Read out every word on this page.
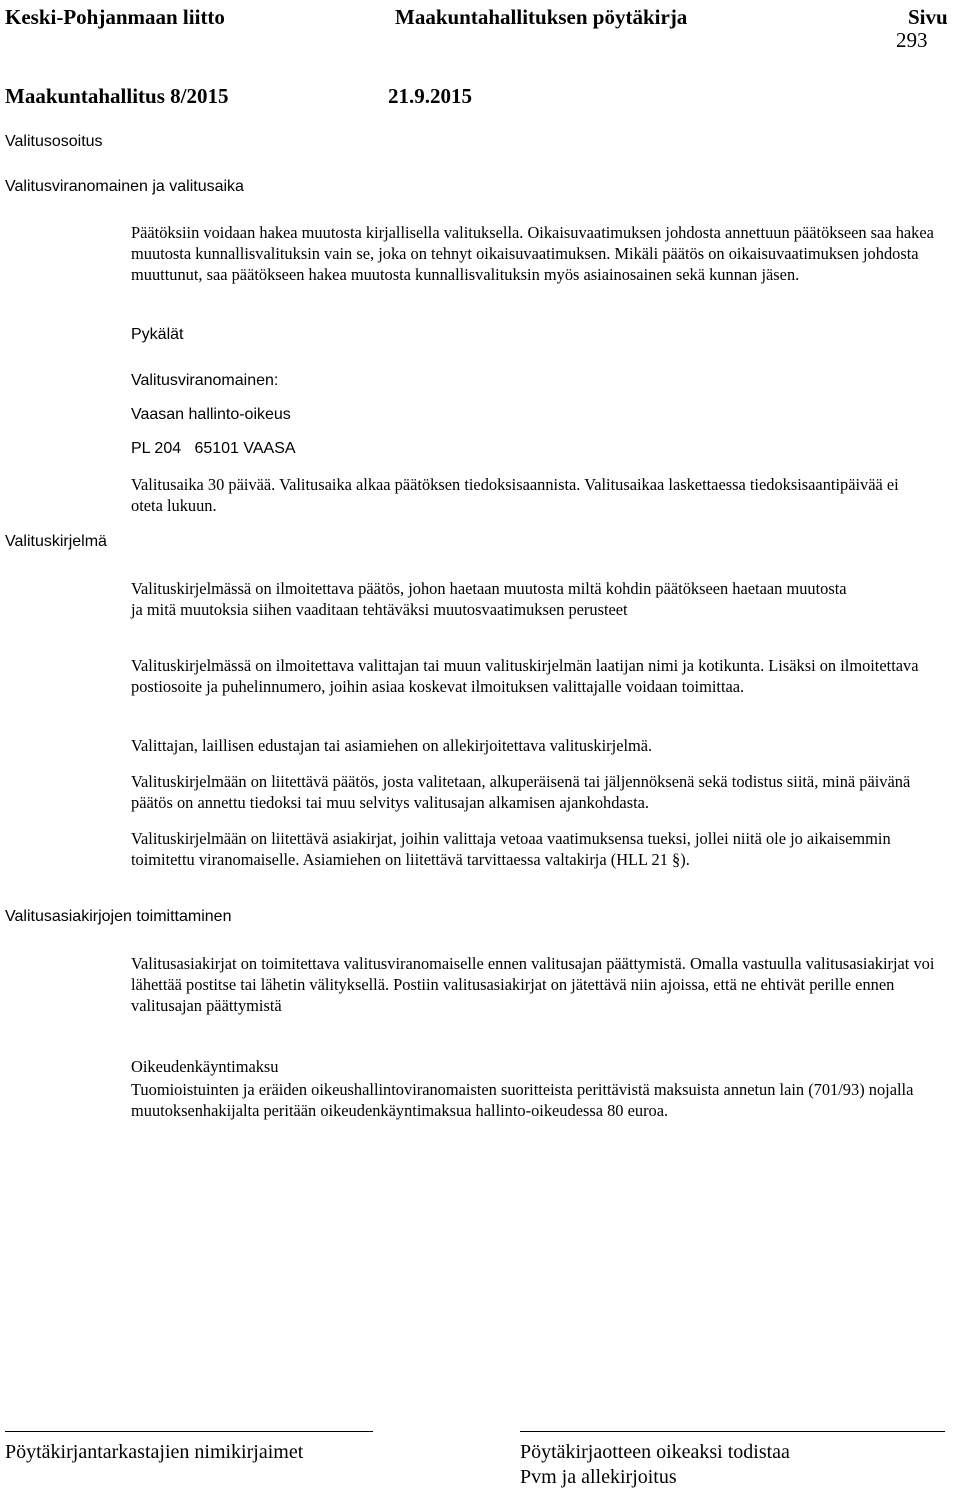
Keski-Pohjanmaan liitto	Maakuntahallituksen pöytäkirja	Sivu
293
Maakuntahallitus 8/2015	21.9.2015
Valitusosoitus
Valitusviranomainen ja valitusaika
Valituskirjelmä
Valitusasiakirjojen toimittaminen
Päätöksiin voidaan hakea muutosta kirjallisella valituksella. Oikaisuvaatimuksen johdosta annettuun päätökseen saa hakea muutosta kunnallisvalituksin vain se, joka on tehnyt oikaisuvaatimuksen. Mikäli päätös on oikaisuvaatimuksen johdosta muuttunut, saa päätökseen hakea muutosta kunnallisvalituksin myös asiainosainen sekä kunnan jäsen.
Pykälät
Valitusviranomainen:
Vaasan hallinto-oikeus
PL 204   65101 VAASA
Valitusaika 30 päivää. Valitusaika alkaa päätöksen tiedoksisaannista. Valitusaikaa laskettaessa tiedoksisaantipäivää ei oteta lukuun.
Valituskirjelmässä on ilmoitettava päätös, johon haetaan muutosta miltä kohdin päätökseen haetaan muutosta ja mitä muutoksia siihen vaaditaan tehtäväksi muutosvaatimuksen perusteet
Valituskirjelmässä on ilmoitettava valittajan tai muun valituskirjelmän laatijan nimi ja kotikunta. Lisäksi on ilmoitettava postiosoite ja puhelinnumero, joihin asiaa koskevat ilmoituksen valittajalle voidaan toimittaa.
Valittajan, laillisen edustajan tai asiamiehen on allekirjoitettava valituskirjelmä.
Valituskirjelmään on liitettävä päätös, josta valitetaan, alkuperäisenä tai jäljennöksenä sekä todistus siitä, minä päivänä päätös on annettu tiedoksi tai muu selvitys valitusajan alkamisen ajankohdasta.
Valituskirjelmään on liitettävä asiakirjat, joihin valittaja vetoaa vaatimuksensa tueksi, jollei niitä ole jo aikaisemmin toimitettu viranomaiselle. Asiamiehen on liitettävä tarvittaessa valtakirja (HLL 21 §).
Valitusasiakirjat on toimitettava valitusviranomaiselle ennen valitusajan päättymistä. Omalla vastuulla valitusasiakirjat voi lähettää postitse tai lähetin välityksellä. Postiin valitusasiakirjat on jätettävä niin ajoissa, että ne ehtivät perille ennen valitusajan päättymistä
Oikeudenkäyntimaksu
Tuomioistuinten ja eräiden oikeushallintoviranomaisten suoritteista perittävistä maksuista annetun lain (701/93) nojalla muutoksenhakijalta peritään oikeudenkäyntimaksua hallinto-oikeudessa 80 euroa.
Pöytäkirjantarkastajien nimikirjaimet	Pöytäkirjaotteen oikeaksi todistaa
Pvm ja allekirjoitus
